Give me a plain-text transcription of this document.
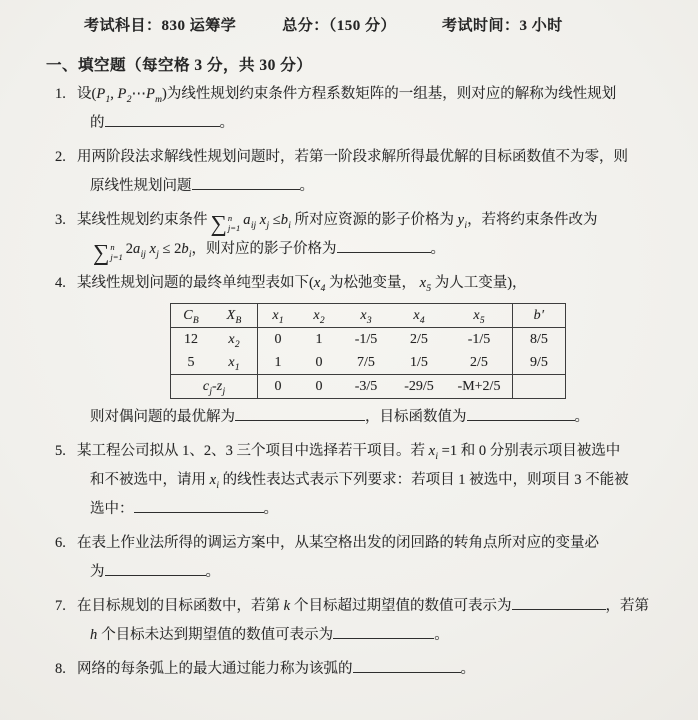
考试科目：830 运筹学	总分：（150 分）	考试时间：3 小时
一、填空题（每空格 3 分，共 30 分）
1. 设($P_1$, $P_2\cdots P_m$)为线性规划约束条件方程系数矩阵的一组基，则对应的解称为线性规划
的	。
2. 用两阶段法求解线性规划问题时，若第一阶段求解所得最优解的目标函数值不为零，则
原线性规划问题	。
3. 某线性规划约束条件 ∑ n
j=1 $a_{ij}$ $x_j \le b_i$ 所对应资源的影子价格为 $y_i$，若将约束条件改为
∑ n
j=1 $2a_{ij}$ $x_j \le 2b_i$，则对应的影子价格为	。
4. 某线性规划问题的最终单纯型表如下($x_4$ 为松弛变量， $x_5$ 为人工变量)，
$C_B$	$X_B$	$x_1$	$x_2$	$x_3$	$x_4$	$x_5$	b′
12	$x_2$	0	1	-1/5	2/5	-1/5	8/5
5	$x_1$	1	0	7/5	1/5	2/5	9/5
$c_j-z_j$		0	0	-3/5	-29/5	-M+2/5	
则对偶问题的最优解为	，目标函数值为	。
5. 某工程公司拟从 1、2、3 三个项目中选择若干项目。若 $x_i =1$ 和 0 分别表示项目被选中
和不被选中，请用 $x_i$ 的线性表达式表示下列要求：若项目 1 被选中，则项目 3 不能被
选中：	。
6. 在表上作业法所得的调运方案中，从某空格出发的闭回路的转角点所对应的变量必
为	。
7. 在目标规划的目标函数中，若第 k 个目标超过期望值的数值可表示为	，若第
h 个目标未达到期望值的数值可表示为	。
8. 网络的每条弧上的最大通过能力称为该弧的	。
